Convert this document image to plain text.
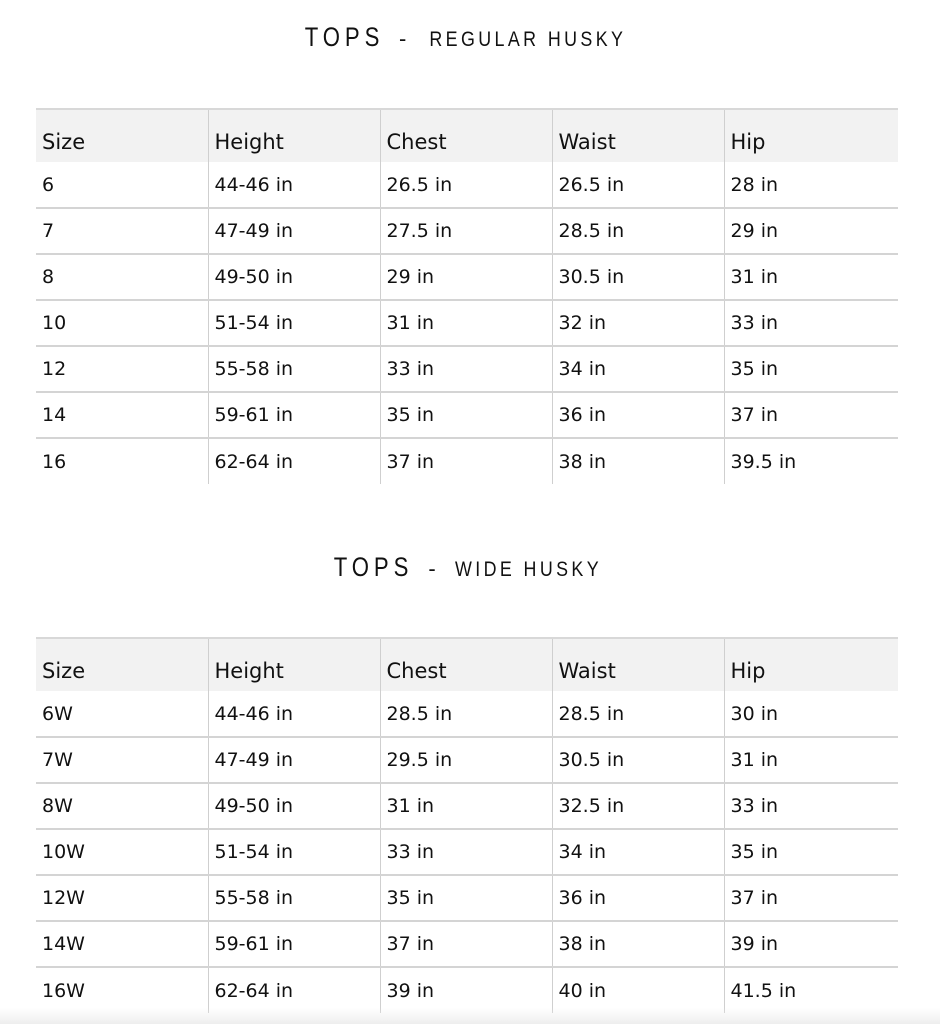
TOPS - REGULAR HUSKY
Size	Height	Chest	Waist	Hip
6	44-46 in	26.5 in	26.5 in	28 in
7	47-49 in	27.5 in	28.5 in	29 in
8	49-50 in	29 in	30.5 in	31 in
10	51-54 in	31 in	32 in	33 in
12	55-58 in	33 in	34 in	35 in
14	59-61 in	35 in	36 in	37 in
16	62-64 in	37 in	38 in	39.5 in
TOPS - WIDE HUSKY
Size	Height	Chest	Waist	Hip
6W	44-46 in	28.5 in	28.5 in	30 in
7W	47-49 in	29.5 in	30.5 in	31 in
8W	49-50 in	31 in	32.5 in	33 in
10W	51-54 in	33 in	34 in	35 in
12W	55-58 in	35 in	36 in	37 in
14W	59-61 in	37 in	38 in	39 in
16W	62-64 in	39 in	40 in	41.5 in
